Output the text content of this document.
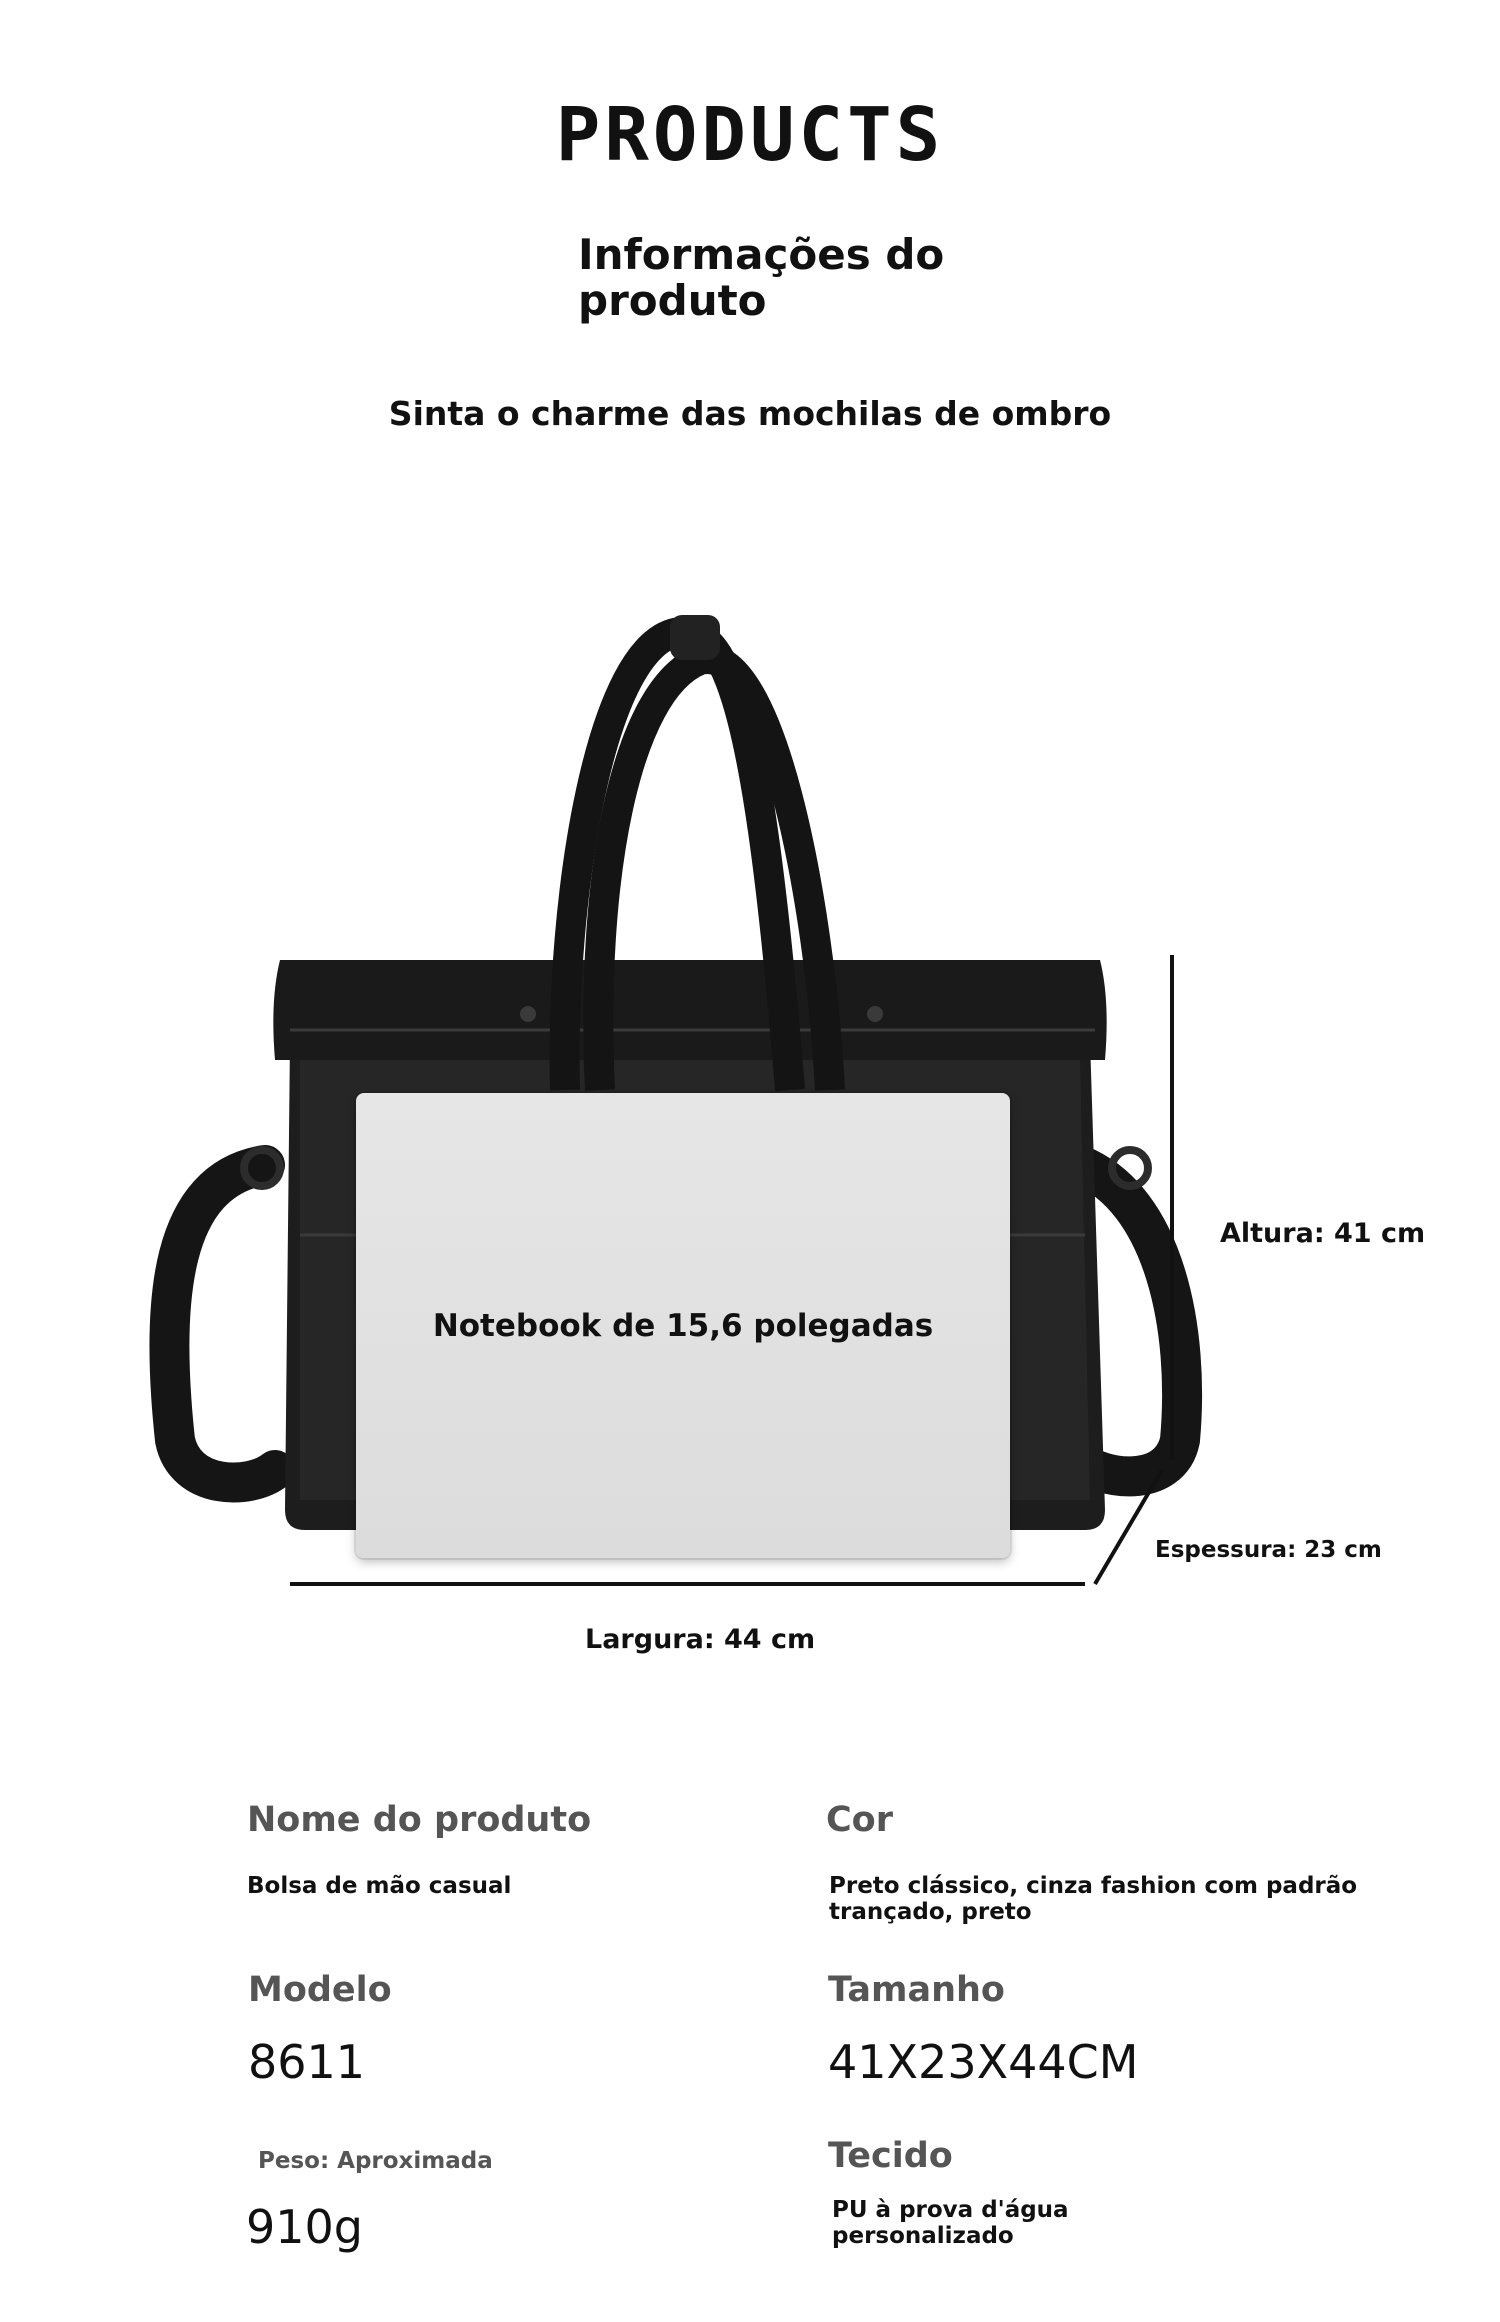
PRODUCTS
Informações do produto
Sinta o charme das mochilas de ombro
Notebook de 15,6 polegadas
Altura: 41 cm
Espessura: 23 cm
Largura: 44 cm
Nome do produto
Bolsa de mão casual
Cor
Preto clássico, cinza fashion com padrão trançado, preto
Modelo
8611
Tamanho
41X23X44CM
Peso: Aproximada
910g
Tecido
PU à prova d'água personalizado
